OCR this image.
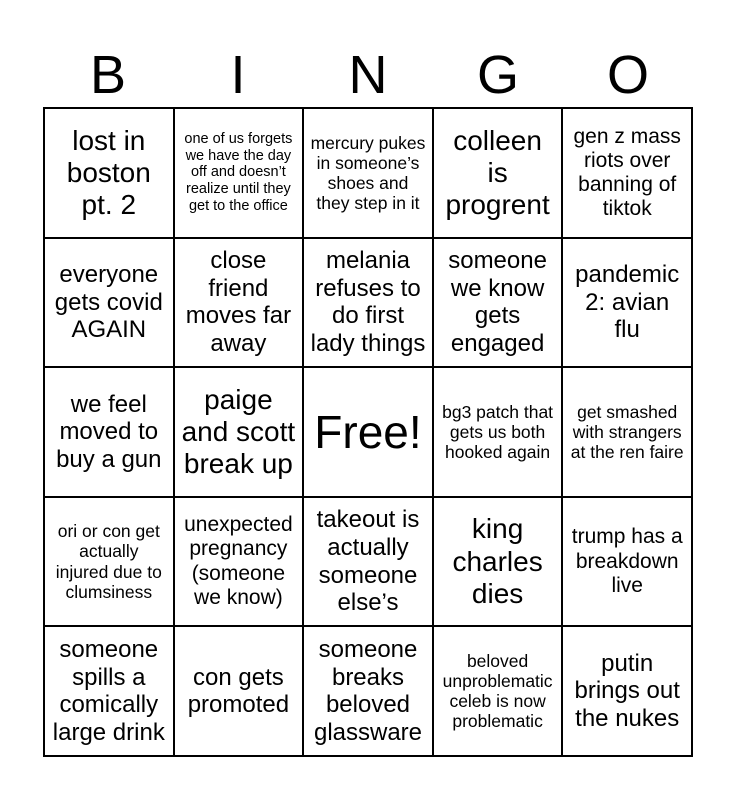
B	I	N	G	O
lost in boston pt. 2
one of us forgets we have the day off and doesn’t realize until they get to the office
mercury pukes in someone’s shoes and they step in it
colleen is progrent
gen z mass riots over banning of tiktok
everyone gets covid AGAIN
close friend moves far away
melania refuses to do first lady things
someone we know gets engaged
pandemic 2: avian flu
we feel moved to buy a gun
paige and scott break up
Free! bg3 patch that gets us both hooked again
get smashed with strangers at the ren faire
ori or con get actually injured due to clumsiness
unexpected pregnancy (someone we know)
takeout is actually someone else’s
king charles dies
trump has a breakdown live
someone spills a comically large drink
con gets promoted
someone breaks beloved glassware
beloved unproblematic celeb is now problematic
putin brings out the nukes
